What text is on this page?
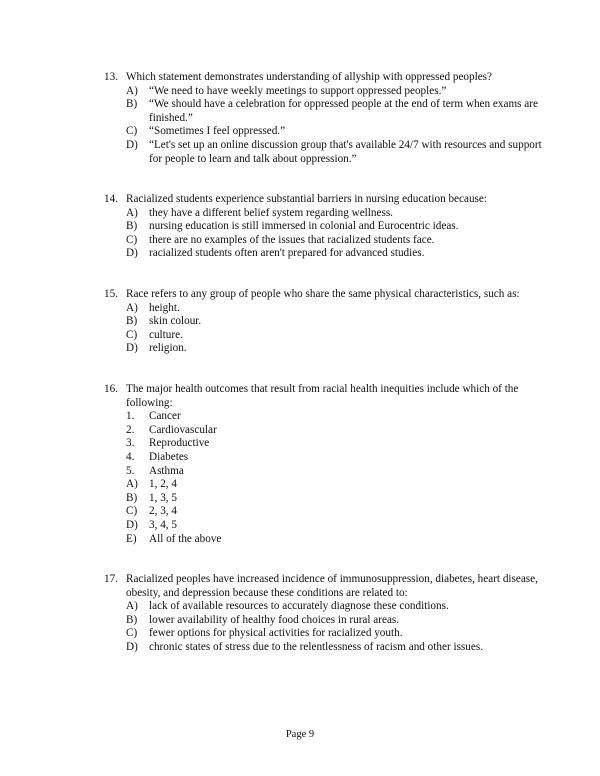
13. Which statement demonstrates understanding of allyship with oppressed peoples?
A) “We need to have weekly meetings to support oppressed peoples.”
B) “We should have a celebration for oppressed people at the end of term when exams are finished.”
C) “Sometimes I feel oppressed.”
D) “Let's set up an online discussion group that's available 24/7 with resources and support for people to learn and talk about oppression.”
14. Racialized students experience substantial barriers in nursing education because:
A) they have a different belief system regarding wellness.
B) nursing education is still immersed in colonial and Eurocentric ideas.
C) there are no examples of the issues that racialized students face.
D) racialized students often aren't prepared for advanced studies.
15. Race refers to any group of people who share the same physical characteristics, such as:
A) height.
B) skin colour.
C) culture.
D) religion.
16. The major health outcomes that result from racial health inequities include which of the following:
1. Cancer
2. Cardiovascular
3. Reproductive
4. Diabetes
5. Asthma
A) 1, 2, 4
B) 1, 3, 5
C) 2, 3, 4
D) 3, 4, 5
E) All of the above
17. Racialized peoples have increased incidence of immunosuppression, diabetes, heart disease, obesity, and depression because these conditions are related to:
A) lack of available resources to accurately diagnose these conditions.
B) lower availability of healthy food choices in rural areas.
C) fewer options for physical activities for racialized youth.
D) chronic states of stress due to the relentlessness of racism and other issues.
Page 9
